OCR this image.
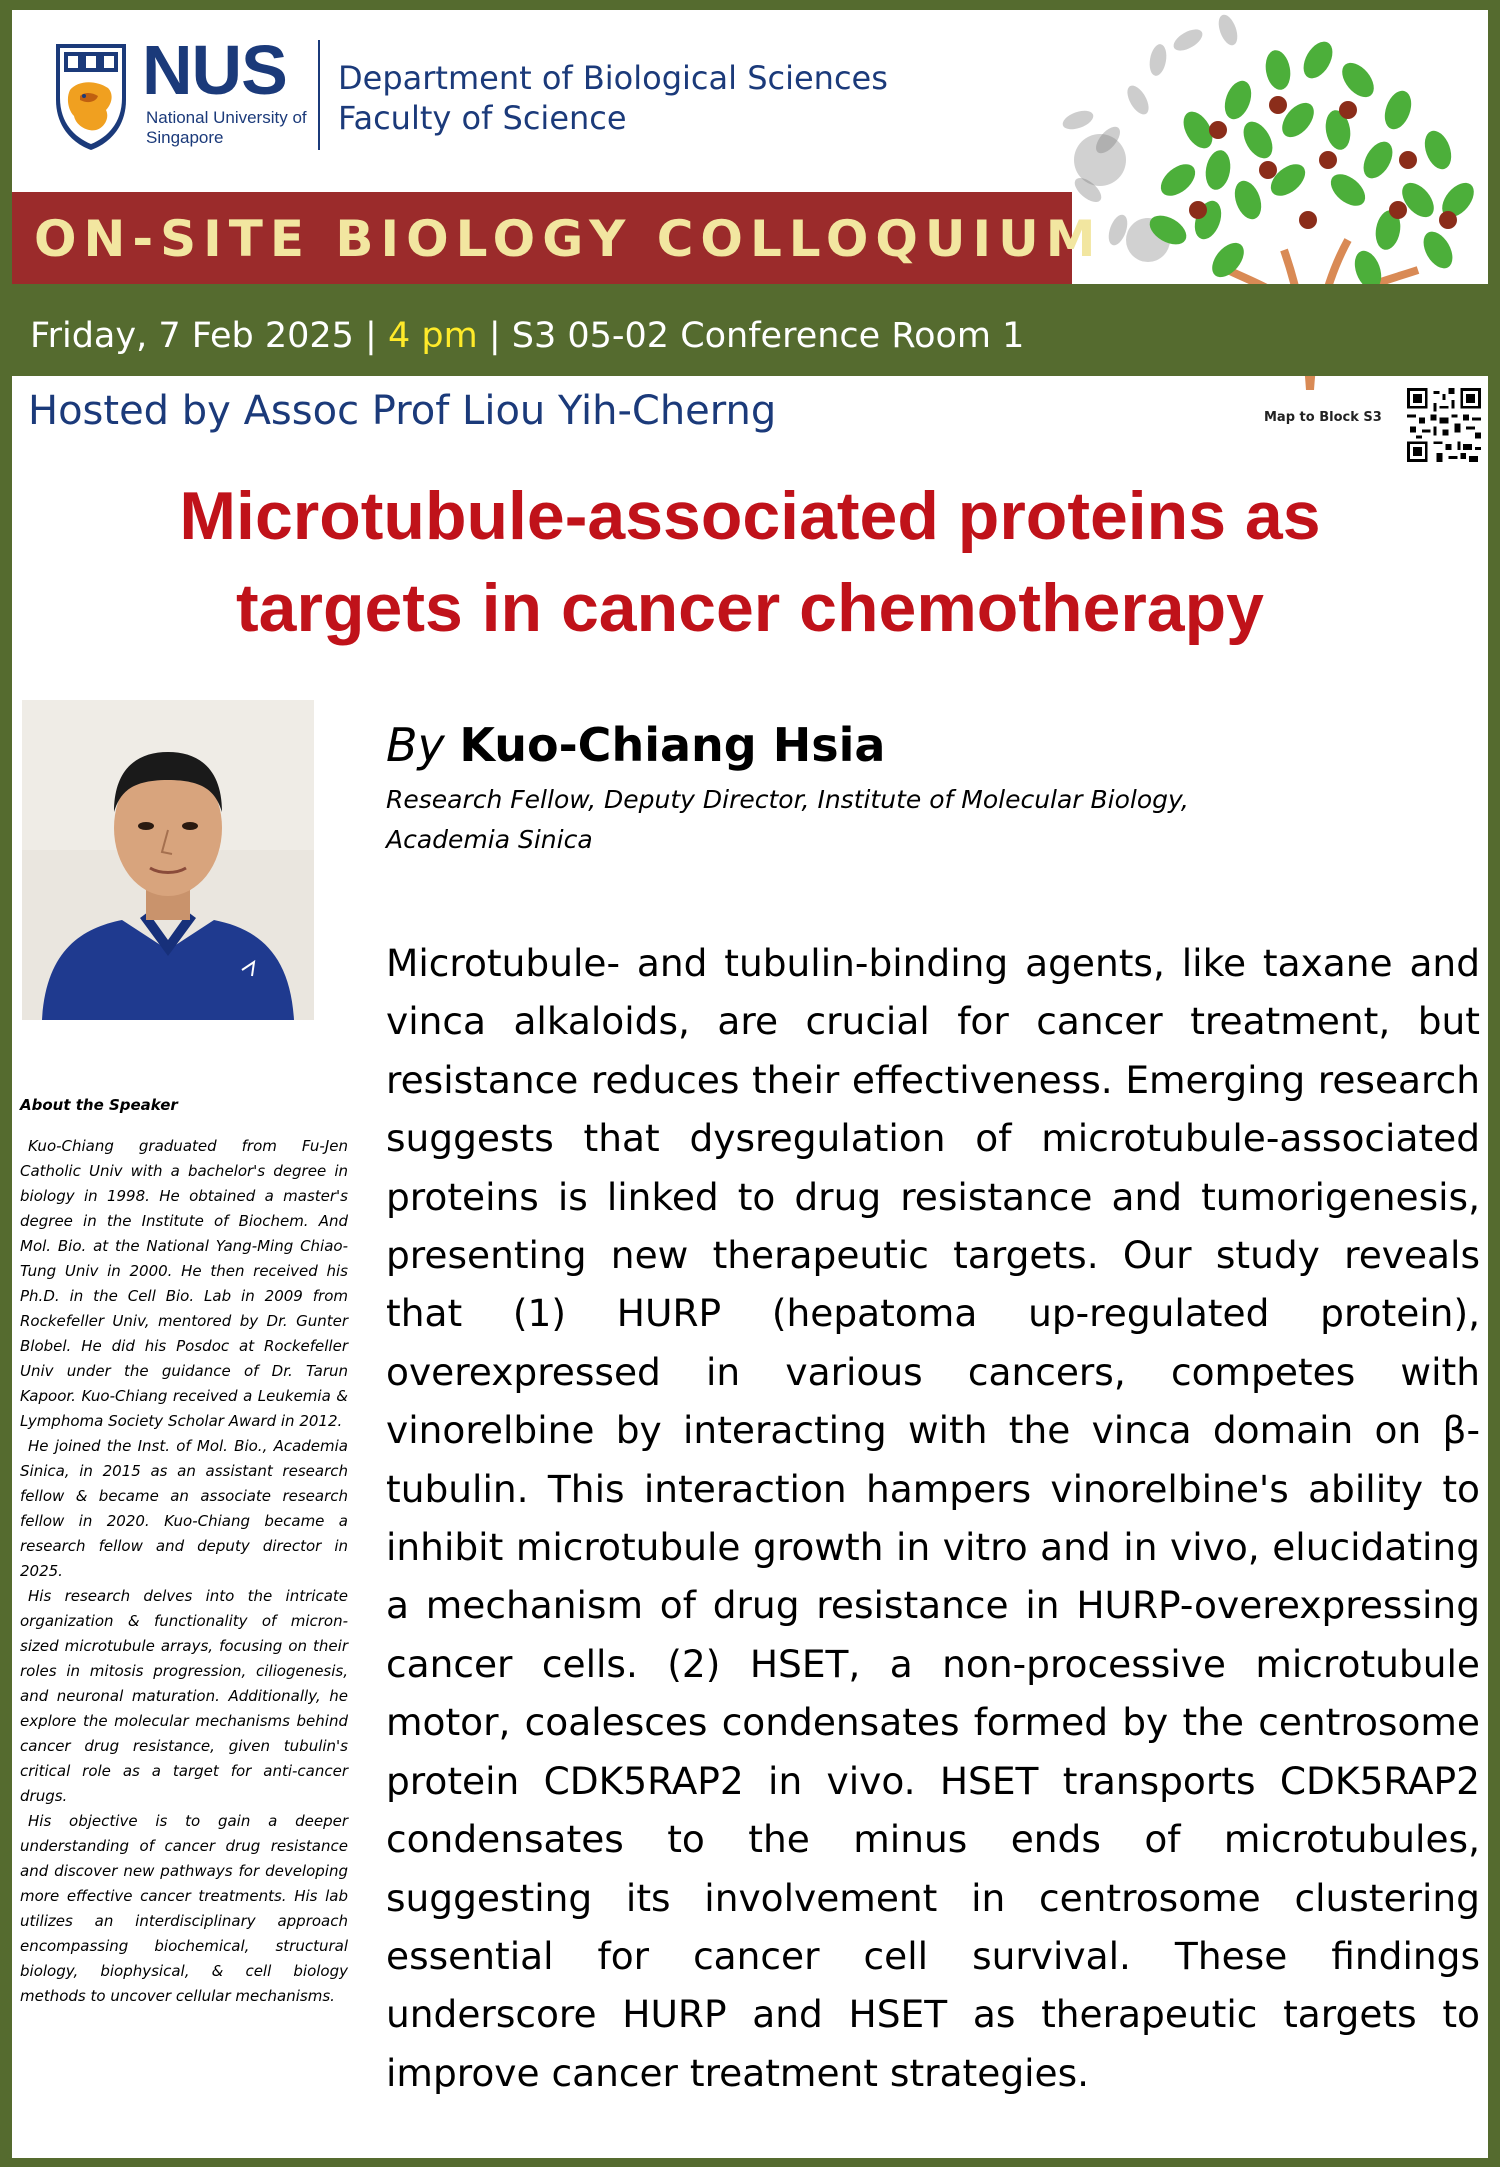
NUS
National University of Singapore
Department of Biological Sciences
Faculty of Science
ON-SITE BIOLOGY COLLOQUIUM
Friday, 7 Feb 2025 | 4 pm | S3 05-02 Conference Room 1
Hosted by Assoc Prof Liou Yih-Cherng	Map to Block S3
Microtubule-associated proteins as
targets in cancer chemotherapy
By Kuo-Chiang Hsia
Research Fellow, Deputy Director, Institute of Molecular Biology, Academia Sinica
About the Speaker

Kuo-Chiang graduated from Fu-Jen Catholic Univ with a bachelor's degree in biology in 1998. He obtained a master's degree in the Institute of Biochem. And Mol. Bio. at the National Yang-Ming Chiao-Tung Univ in 2000. He then received his Ph.D. in the Cell Bio. Lab in 2009 from Rockefeller Univ, mentored by Dr. Gunter Blobel. He did his Posdoc at Rockefeller Univ under the guidance of Dr. Tarun Kapoor. Kuo-Chiang received a Leukemia & Lymphoma Society Scholar Award in 2012.

He joined the Inst. of Mol. Bio., Academia Sinica, in 2015 as an assistant research fellow & became an associate research fellow in 2020. Kuo-Chiang became a research fellow and deputy director in 2025.

His research delves into the intricate organization & functionality of micron-sized microtubule arrays, focusing on their roles in mitosis progression, ciliogenesis, and neuronal maturation. Additionally, he explore the molecular mechanisms behind cancer drug resistance, given tubulin's critical role as a target for anti-cancer drugs.

His objective is to gain a deeper understanding of cancer drug resistance and discover new pathways for developing more effective cancer treatments. His lab utilizes an interdisciplinary approach encompassing biochemical, structural biology, biophysical, & cell biology methods to uncover cellular mechanisms.

Microtubule- and tubulin-binding agents, like taxane and vinca alkaloids, are crucial for cancer treatment, but resistance reduces their effectiveness. Emerging research suggests that dysregulation of microtubule-associated proteins is linked to drug resistance and tumorigenesis, presenting new therapeutic targets. Our study reveals that (1) HURP (hepatoma up-regulated protein), overexpressed in various cancers, competes with vinorelbine by interacting with the vinca domain on β-tubulin. This interaction hampers vinorelbine's ability to inhibit microtubule growth in vitro and in vivo, elucidating a mechanism of drug resistance in HURP-overexpressing cancer cells. (2) HSET, a non-processive microtubule motor, coalesces condensates formed by the centrosome protein CDK5RAP2 in vivo. HSET transports CDK5RAP2 condensates to the minus ends of microtubules, suggesting its involvement in centrosome clustering essential for cancer cell survival. These findings underscore HURP and HSET as therapeutic targets to improve cancer treatment strategies.
